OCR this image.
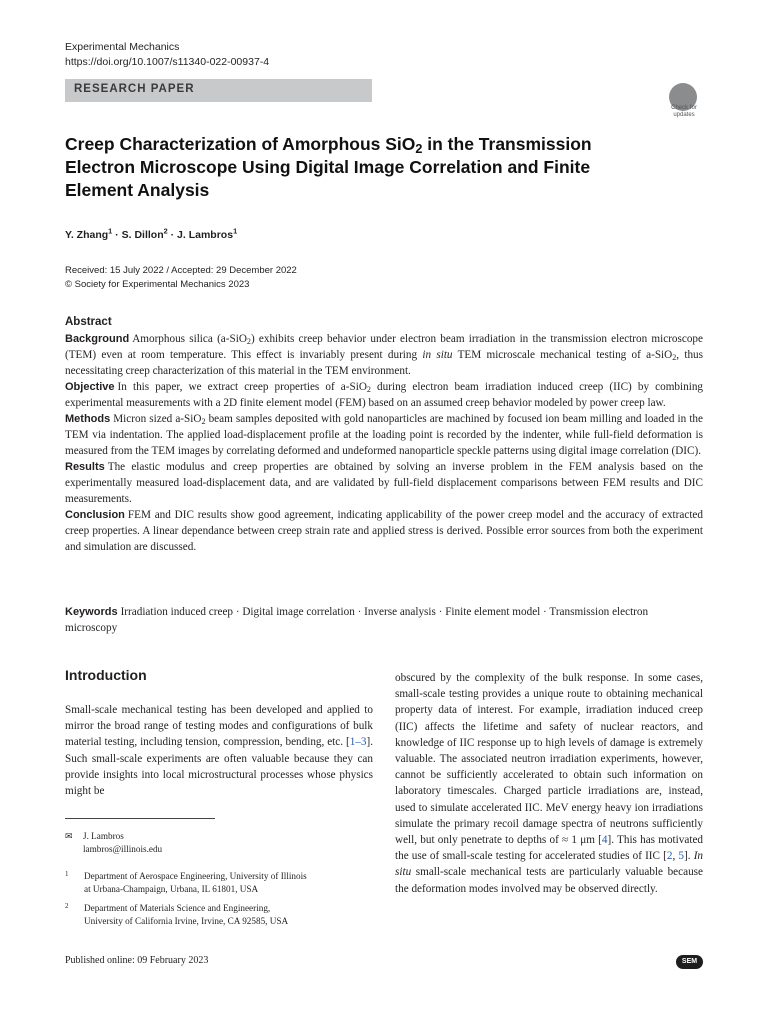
Experimental Mechanics
https://doi.org/10.1007/s11340-022-00937-4
RESEARCH PAPER
Check for
updates
Creep Characterization of Amorphous SiO$_2$ in the Transmission Electron Microscope Using Digital Image Correlation and Finite Element Analysis
Y. Zhang$^1$ · S. Dillon$^2$ · J. Lambros$^1$
Received: 15 July 2022 / Accepted: 29 December 2022
© Society for Experimental Mechanics 2023
Abstract

Background Amorphous silica (a-SiO$_2$) exhibits creep behavior under electron beam irradiation in the transmission electron microscope (TEM) even at room temperature. This effect is invariably present during in situ TEM microscale mechanical testing of a-SiO$_2$, thus necessitating creep characterization of this material in the TEM environment.

Objective In this paper, we extract creep properties of a-SiO$_2$ during electron beam irradiation induced creep (IIC) by combining experimental measurements with a 2D finite element model (FEM) based on an assumed creep behavior modeled by power creep law.

Methods Micron sized a-SiO$_2$ beam samples deposited with gold nanoparticles are machined by focused ion beam milling and loaded in the TEM via indentation. The applied load-displacement profile at the loading point is recorded by the indenter, while full-field deformation is measured from the TEM images by correlating deformed and undeformed nanoparticle speckle patterns using digital image correlation (DIC).

Results The elastic modulus and creep properties are obtained by solving an inverse problem in the FEM analysis based on the experimentally measured load-displacement data, and are validated by full-field displacement comparisons between FEM results and DIC measurements.

Conclusion FEM and DIC results show good agreement, indicating applicability of the power creep model and the accuracy of extracted creep properties. A linear dependance between creep strain rate and applied stress is derived. Possible error sources from both the experiment and simulation are discussed.

Keywords Irradiation induced creep · Digital image correlation · Inverse analysis · Finite element model · Transmission electron microscopy
Introduction
Small-scale mechanical testing has been developed and applied to mirror the broad range of testing modes and configurations of bulk material testing, including tension, compression, bending, etc. [1–3]. Such small-scale experiments are often valuable because they can provide insights into local microstructural processes whose physics might be
obscured by the complexity of the bulk response. In some cases, small-scale testing provides a unique route to obtaining mechanical property data of interest. For example, irradiation induced creep (IIC) affects the lifetime and safety of nuclear reactors, and knowledge of IIC response up to high levels of damage is extremely valuable. The associated neutron irradiation experiments, however, cannot be sufficiently accelerated to obtain such information on laboratory timescales. Charged particle irradiations are, instead, used to simulate accelerated IIC. MeV energy heavy ion irradiations simulate the primary recoil damage spectra of neutrons sufficiently well, but only penetrate to depths of ≈ 1 μm [4]. This has motivated the use of small-scale testing for accelerated studies of IIC [2, 5]. In situ small-scale mechanical tests are particularly valuable because the deformation modes involved may be observed directly.
✉ J. Lambros
lambros@illinois.edu
1 Department of Aerospace Engineering, University of Illinois
at Urbana-Champaign, Urbana, IL 61801, USA
2 Department of Materials Science and Engineering,
University of California Irvine, Irvine, CA 92585, USA
Published online: 09 February 2023	SEM
